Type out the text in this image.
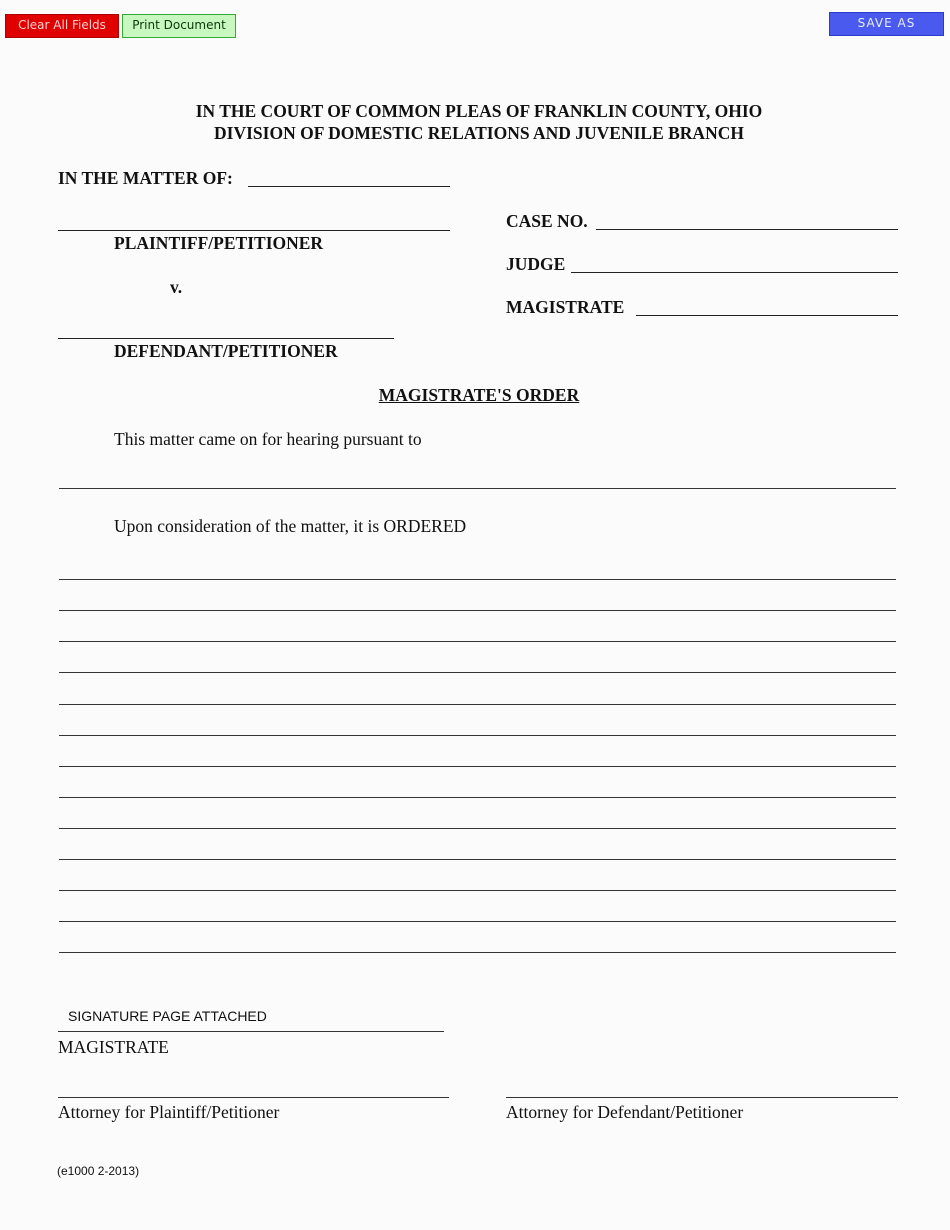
Clear All Fields	Print Document	SAVE AS
IN THE COURT OF COMMON PLEAS OF FRANKLIN COUNTY, OHIO
DIVISION OF DOMESTIC RELATIONS AND JUVENILE BRANCH
IN THE MATTER OF:
PLAINTIFF/PETITIONER
v.
DEFENDANT/PETITIONER
CASE NO.
JUDGE
MAGISTRATE
MAGISTRATE'S ORDER
This matter came on for hearing pursuant to
Upon consideration of the matter, it is ORDERED
SIGNATURE PAGE ATTACHED
MAGISTRATE
Attorney for Plaintiff/Petitioner	Attorney for Defendant/Petitioner
(e1000 2-2013)
